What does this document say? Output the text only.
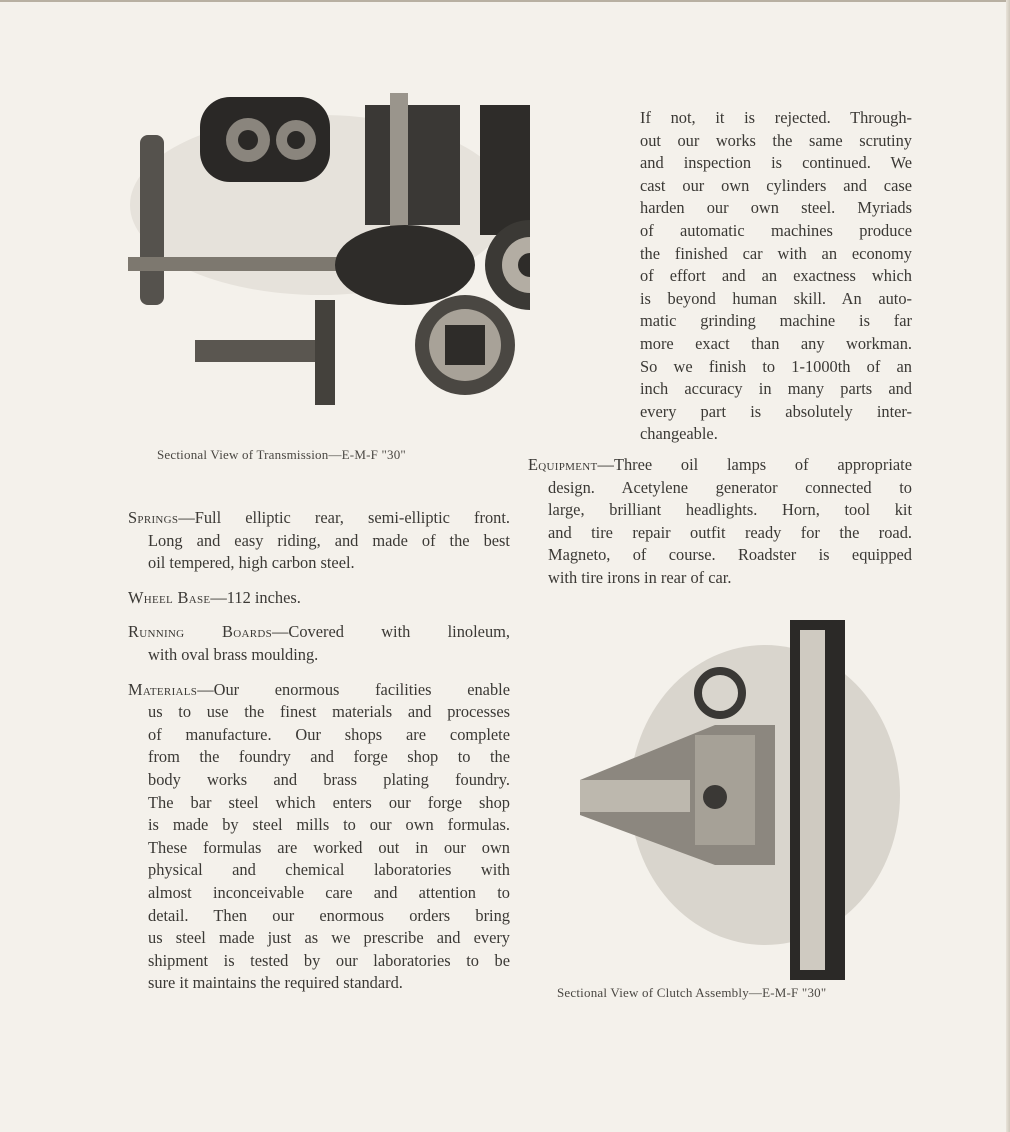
Sectional View of Transmission—E-M-F "30"
Sectional View of Clutch Assembly—E-M-F "30"
If not, it is rejected. Through-
out our works the same scrutiny
and inspection is continued. We
cast our own cylinders and case
harden our own steel. Myriads
of automatic machines produce
the finished car with an economy
of effort and an exactness which
is beyond human skill. An auto-
matic grinding machine is far
more exact than any workman.
So we finish to 1-1000th of an
inch accuracy in many parts and
every part is absolutely inter-
changeable.
Equipment—Three oil lamps of appropriate
design. Acetylene generator connected to
large, brilliant headlights. Horn, tool kit
and tire repair outfit ready for the road.
Magneto, of course. Roadster is equipped
with tire irons in rear of car.
Springs—Full elliptic rear, semi-elliptic front.
Long and easy riding, and made of the best
oil tempered, high carbon steel.
Wheel Base—112 inches.
Running Boards—Covered with linoleum,
with oval brass moulding.
Materials—Our enormous facilities enable
us to use the finest materials and processes
of manufacture. Our shops are complete
from the foundry and forge shop to the
body works and brass plating foundry.
The bar steel which enters our forge shop
is made by steel mills to our own formulas.
These formulas are worked out in our own
physical and chemical laboratories with
almost inconceivable care and attention to
detail. Then our enormous orders bring
us steel made just as we prescribe and every
shipment is tested by our laboratories to be
sure it maintains the required standard.
